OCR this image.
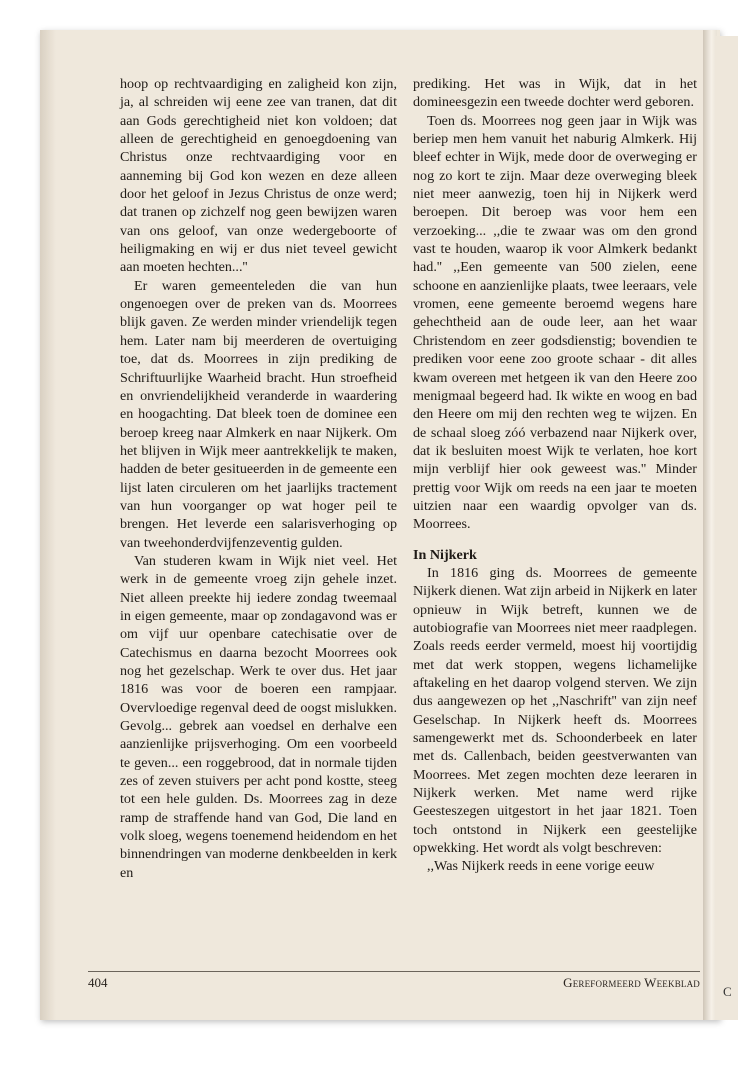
C

hoop op rechtvaardiging en zaligheid kon zijn, ja, al schreiden wij eene zee van tranen, dat dit aan Gods gerechtigheid niet kon voldoen; dat alleen de gerechtigheid en genoegdoening van Christus onze rechtvaardiging voor en aanneming bij God kon wezen en deze alleen door het geloof in Jezus Christus de onze werd; dat tranen op zichzelf nog geen bewijzen waren van ons geloof, van onze wedergeboorte of heiligmaking en wij er dus niet teveel gewicht aan moeten hechten...''

Er waren gemeenteleden die van hun ongenoegen over de preken van ds. Moorrees blijk gaven. Ze werden minder vriendelijk tegen hem. Later nam bij meerderen de overtuiging toe, dat ds. Moorrees in zijn prediking de Schriftuurlijke Waarheid bracht. Hun stroefheid en onvriendelijkheid veranderde in waardering en hoogachting. Dat bleek toen de dominee een beroep kreeg naar Almkerk en naar Nijkerk. Om het blijven in Wijk meer aantrekkelijk te maken, hadden de beter gesitueerden in de gemeente een lijst laten circuleren om het jaarlijks tractement van hun voorganger op wat hoger peil te brengen. Het leverde een salarisverhoging op van tweehonderdvijfenzeventig gulden.

Van studeren kwam in Wijk niet veel. Het werk in de gemeente vroeg zijn gehele inzet. Niet alleen preekte hij iedere zondag tweemaal in eigen gemeente, maar op zondagavond was er om vijf uur openbare catechisatie over de Catechismus en daarna bezocht Moorrees ook nog het gezelschap. Werk te over dus. Het jaar 1816 was voor de boeren een rampjaar. Overvloedige regenval deed de oogst mislukken. Gevolg... gebrek aan voedsel en derhalve een aanzienlijke prijsverhoging. Om een voorbeeld te geven... een roggebrood, dat in normale tijden zes of zeven stuivers per acht pond kostte, steeg tot een hele gulden. Ds. Moorrees zag in deze ramp de straffende hand van God, Die land en volk sloeg, wegens toenemend heidendom en het binnendringen van moderne denkbeelden in kerk en

prediking. Het was in Wijk, dat in het domineesgezin een tweede dochter werd geboren.

Toen ds. Moorrees nog geen jaar in Wijk was beriep men hem vanuit het naburig Almkerk. Hij bleef echter in Wijk, mede door de overweging er nog zo kort te zijn. Maar deze overweging bleek niet meer aanwezig, toen hij in Nijkerk werd beroepen. Dit beroep was voor hem een verzoeking... ,,die te zwaar was om den grond vast te houden, waarop ik voor Almkerk bedankt had.'' ,,Een gemeente van 500 zielen, eene schoone en aanzienlijke plaats, twee leeraars, vele vromen, eene gemeente beroemd wegens hare gehechtheid aan de oude leer, aan het waar Christendom en zeer godsdienstig; bovendien te prediken voor eene zoo groote schaar - dit alles kwam overeen met hetgeen ik van den Heere zoo menigmaal begeerd had. Ik wikte en woog en bad den Heere om mij den rechten weg te wijzen. En de schaal sloeg zóó verbazend naar Nijkerk over, dat ik besluiten moest Wijk te verlaten, hoe kort mijn verblijf hier ook geweest was.'' Minder prettig voor Wijk om reeds na een jaar te moeten uitzien naar een waardig opvolger van ds. Moorrees.

In Nijkerk

In 1816 ging ds. Moorrees de gemeente Nijkerk dienen. Wat zijn arbeid in Nijkerk en later opnieuw in Wijk betreft, kunnen we de autobiografie van Moorrees niet meer raadplegen. Zoals reeds eerder vermeld, moest hij voortijdig met dat werk stoppen, wegens lichamelijke aftakeling en het daarop volgend sterven. We zijn dus aangewezen op het ,,Naschrift'' van zijn neef Geselschap. In Nijkerk heeft ds. Moorrees samengewerkt met ds. Schoonderbeek en later met ds. Callenbach, beiden geestverwanten van Moorrees. Met zegen mochten deze leeraren in Nijkerk werken. Met name werd rijke Geesteszegen uitgestort in het jaar 1821. Toen toch ontstond in Nijkerk een geestelijke opwekking. Het wordt als volgt beschreven:

,,Was Nijkerk reeds in eene vorige eeuw

404	Gereformeerd Weekblad
